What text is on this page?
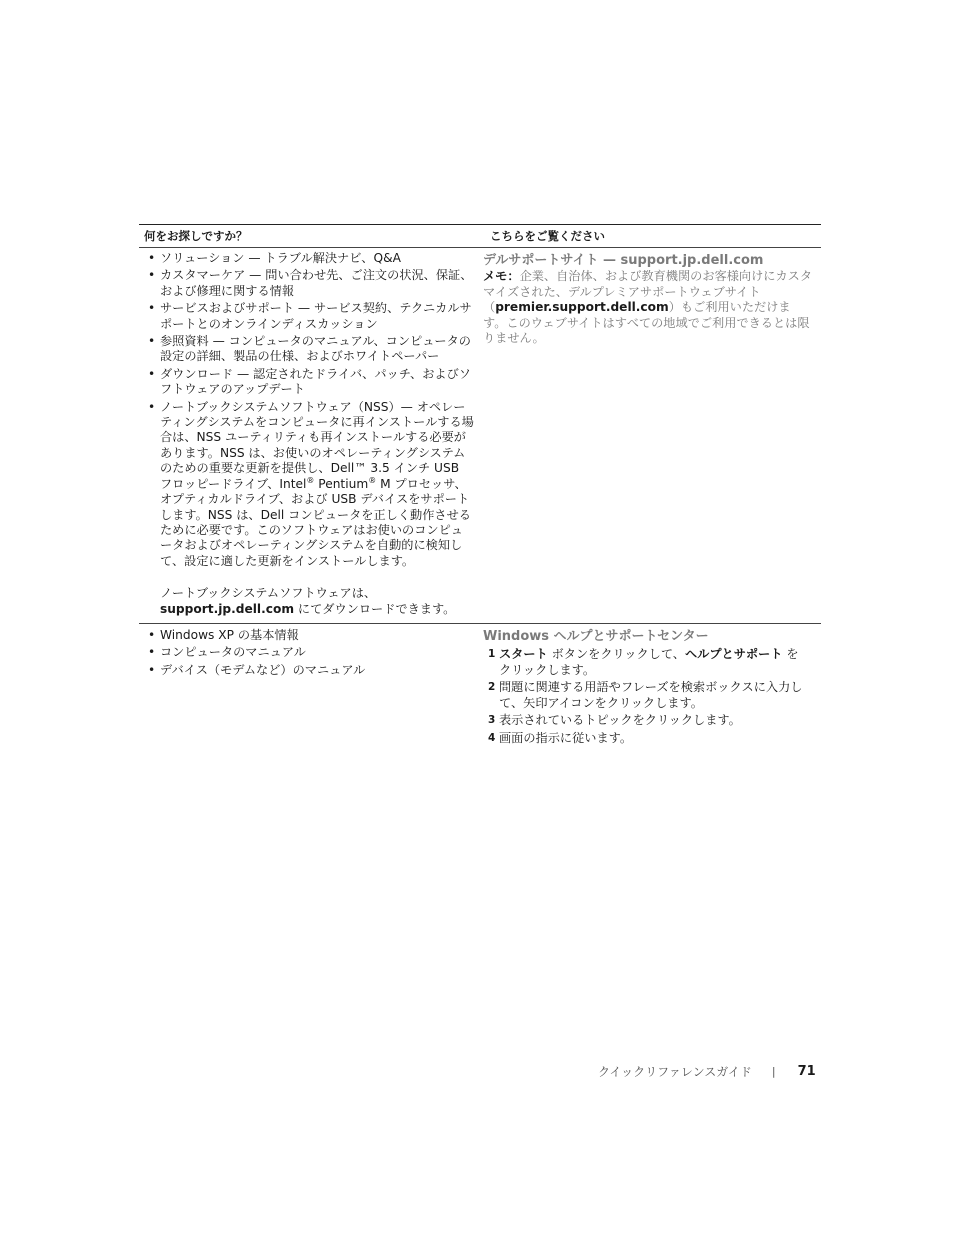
何をお探しですか？	こちらをご覧ください
• ソリューション — トラブル解決ナビ、Q&A
• カスタマーケア — 問い合わせ先、ご注文の状況、保証、および修理に関する情報
• サービスおよびサポート — サービス契約、テクニカルサポートとのオンラインディスカッション
• 参照資料 — コンピュータのマニュアル、コンピュータの設定の詳細、製品の仕様、およびホワイトペーパー
• ダウンロード — 認定されたドライバ、パッチ、およびソフトウェアのアップデート
• ノートブックシステムソフトウェア（NSS）— オペレーティングシステムをコンピュータに再インストールする場合は、NSS ユーティリティも再インストールする必要があります。NSS は、お使いのオペレーティングシステムのための重要な更新を提供し、Dell™ 3.5 インチ USB フロッピードライブ、Intel® Pentium® M プロセッサ、オプティカルドライブ、および USB デバイスをサポートします。NSS は、Dell コンピュータを正しく動作させるために必要です。このソフトウェアはお使いのコンピュータおよびオペレーティングシステムを自動的に検知して、設定に適した更新をインストールします。
ノートブックシステムソフトウェアは、
support.jp.dell.com にてダウンロードできます。
デルサポートサイト — support.jp.dell.com
メモ：企業、自治体、および教育機関のお客様向けにカスタマイズされた、デルプレミアサポートウェブサイト（premier.support.dell.com）もご利用いただけます。このウェブサイトはすべての地域でご利用できるとは限りません。
• Windows XP の基本情報
• コンピュータのマニュアル
• デバイス（モデムなど）のマニュアル
Windows ヘルプとサポートセンター
1 スタート ボタンをクリックして、ヘルプとサポート をクリックします。
2 問題に関連する用語やフレーズを検索ボックスに入力して、矢印アイコンをクリックします。
3 表示されているトピックをクリックします。
4 画面の指示に従います。
クイックリファレンスガイド | 71
